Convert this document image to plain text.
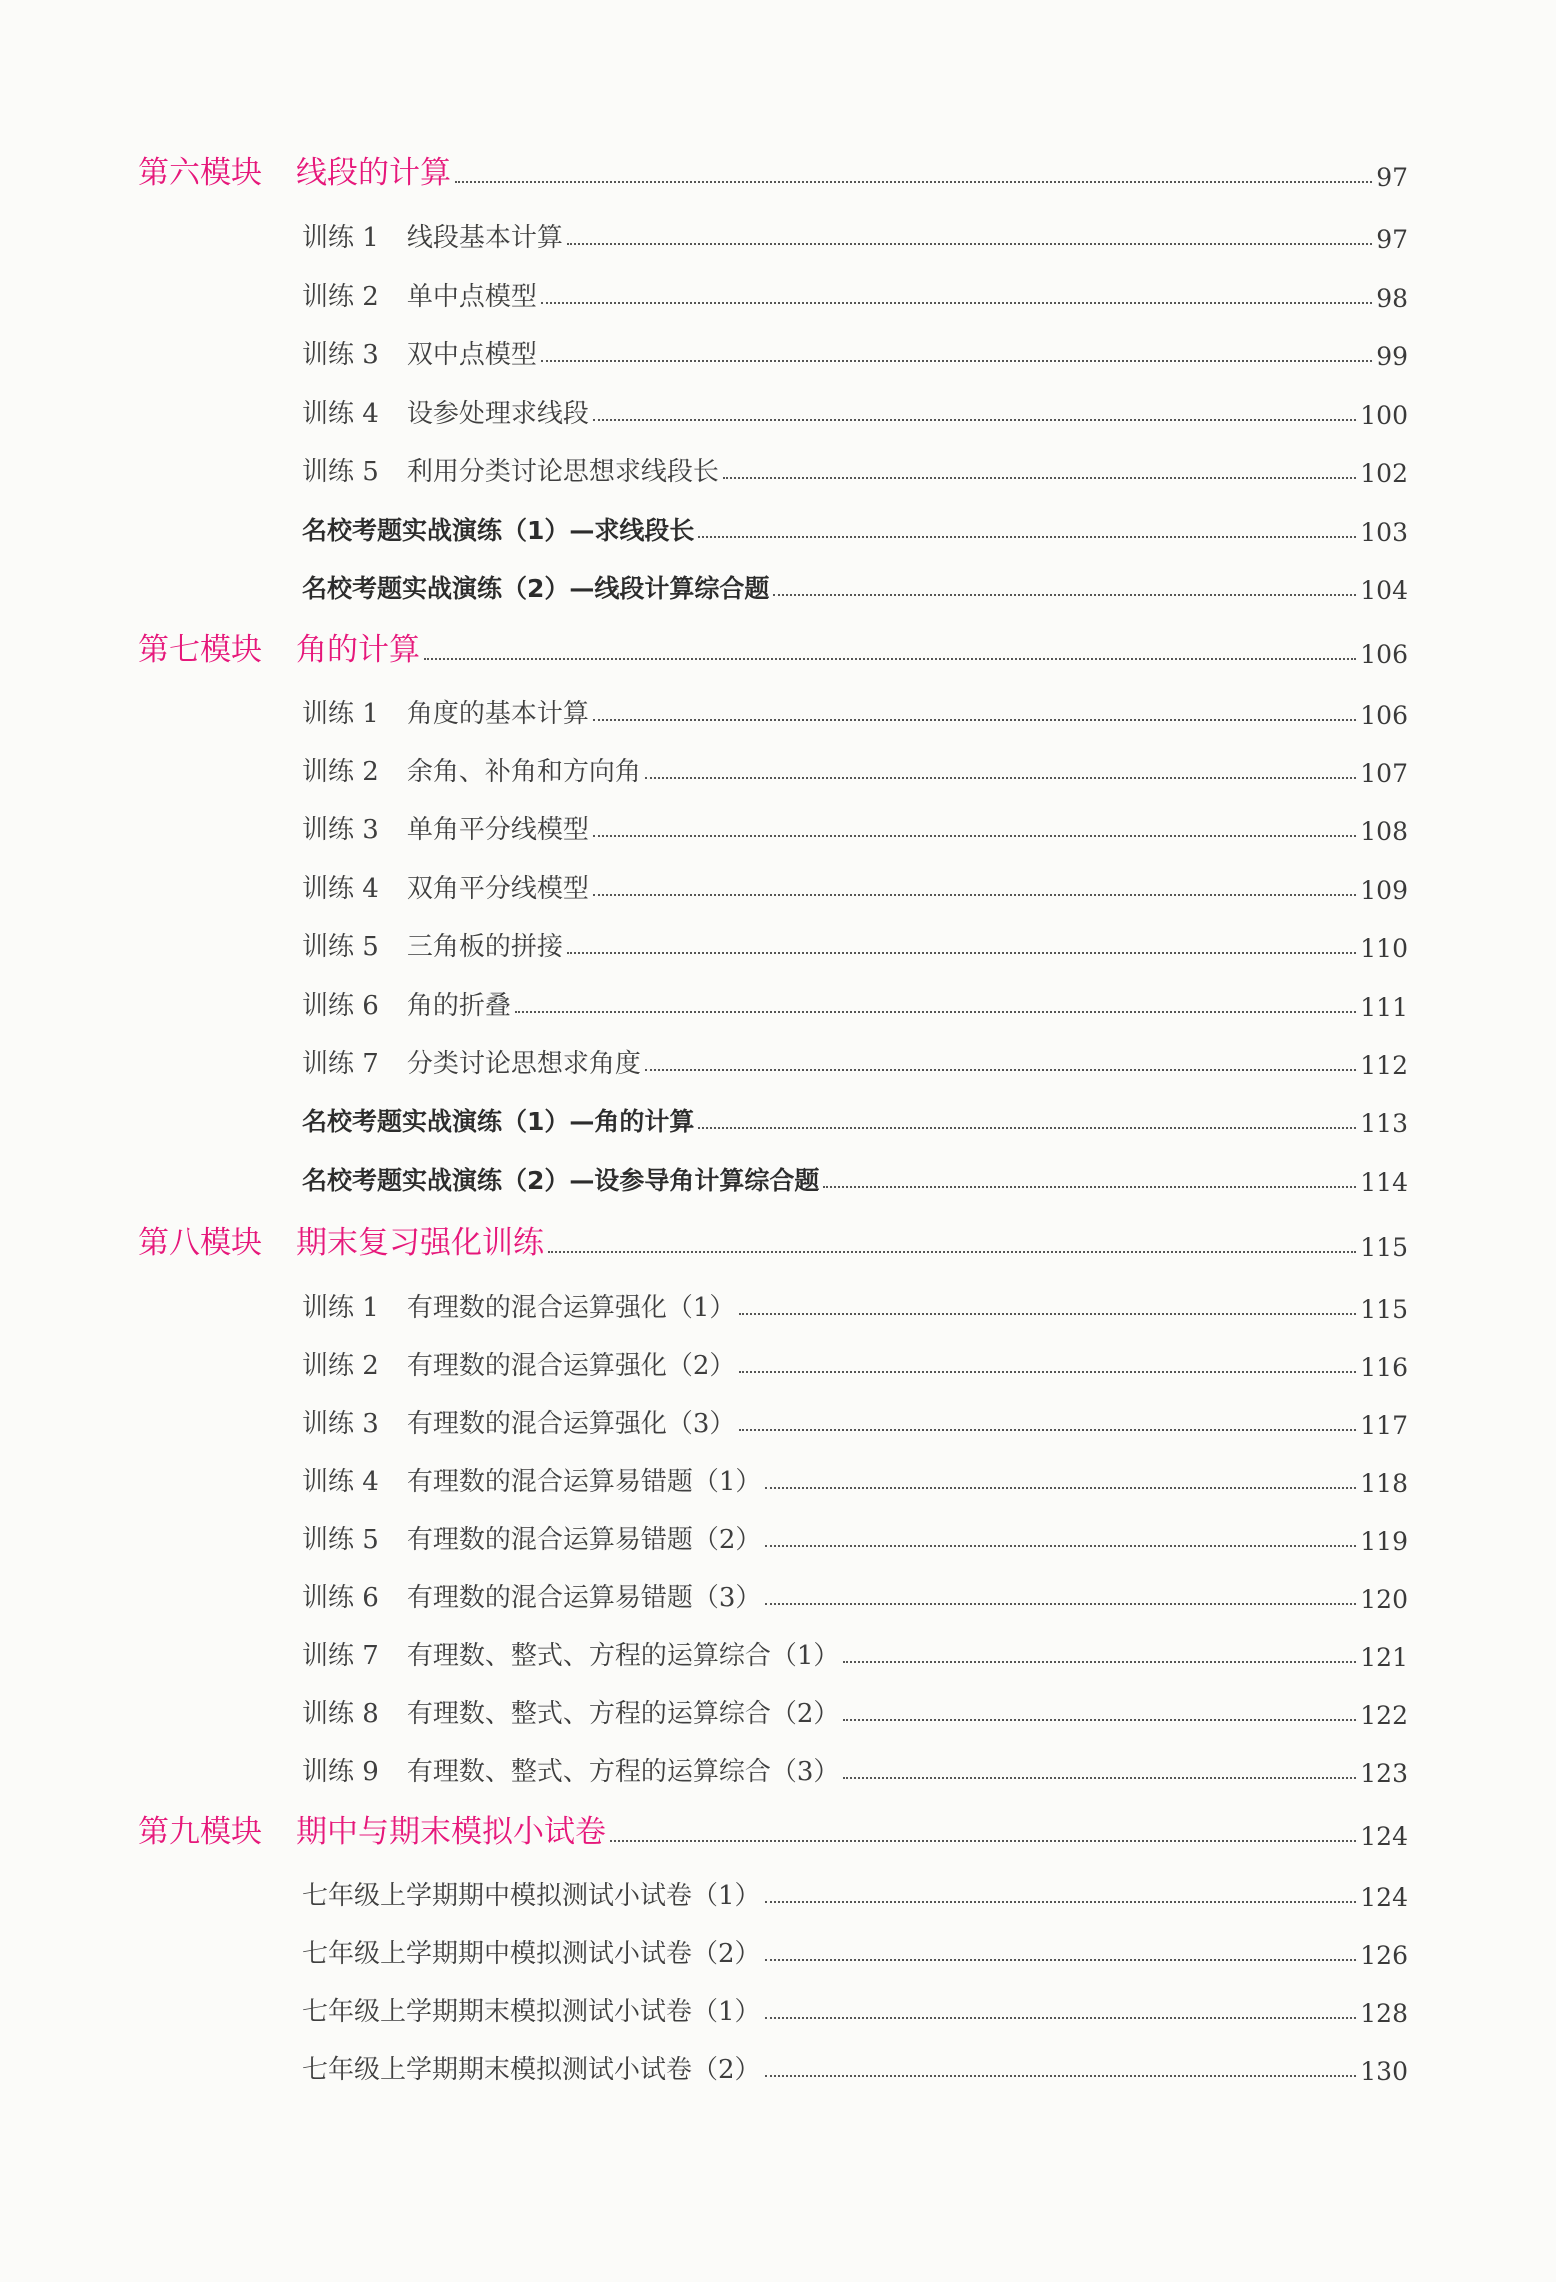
第六模块 线段的计算	97
训练 1 线段基本计算	97
训练 2 单中点模型	98
训练 3 双中点模型	99
训练 4 设参处理求线段	100
训练 5 利用分类讨论思想求线段长	102
名校考题实战演练（1）—求线段长	103
名校考题实战演练（2）—线段计算综合题	104
第七模块 角的计算	106
训练 1 角度的基本计算	106
训练 2 余角、补角和方向角	107
训练 3 单角平分线模型	108
训练 4 双角平分线模型	109
训练 5 三角板的拼接	110
训练 6 角的折叠	111
训练 7 分类讨论思想求角度	112
名校考题实战演练（1）—角的计算	113
名校考题实战演练（2）—设参导角计算综合题	114
第八模块 期末复习强化训练	115
训练 1 有理数的混合运算强化（1）	115
训练 2 有理数的混合运算强化（2）	116
训练 3 有理数的混合运算强化（3）	117
训练 4 有理数的混合运算易错题（1）	118
训练 5 有理数的混合运算易错题（2）	119
训练 6 有理数的混合运算易错题（3）	120
训练 7 有理数、整式、方程的运算综合（1）	121
训练 8 有理数、整式、方程的运算综合（2）	122
训练 9 有理数、整式、方程的运算综合（3）	123
第九模块 期中与期末模拟小试卷	124
七年级上学期期中模拟测试小试卷（1）	124
七年级上学期期中模拟测试小试卷（2）	126
七年级上学期期末模拟测试小试卷（1）	128
七年级上学期期末模拟测试小试卷（2）	130
